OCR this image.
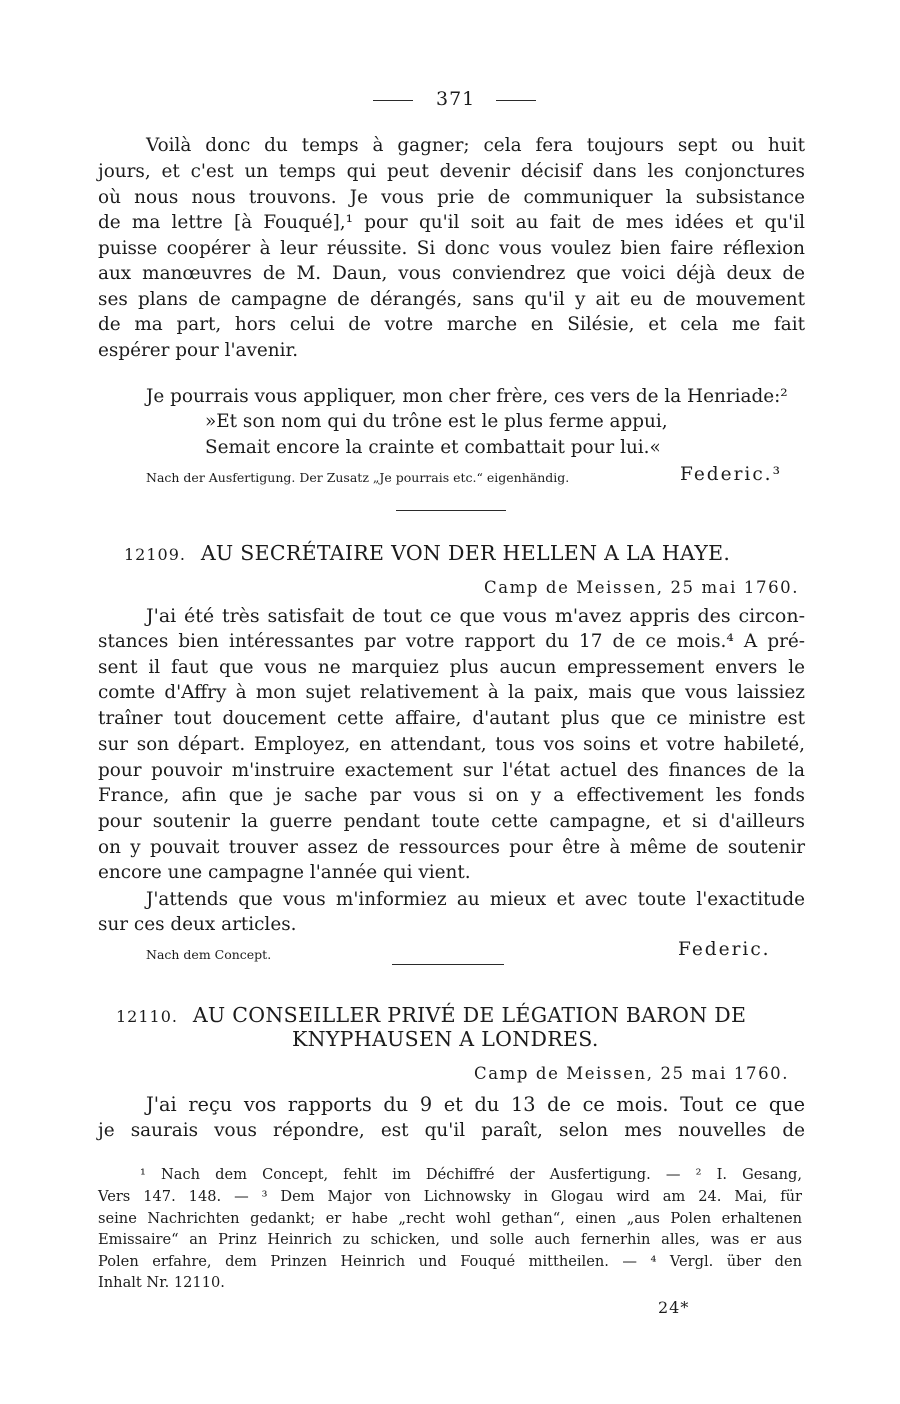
371
Voilà donc du temps à gagner; cela fera toujours sept ou huit
jours, et c'est un temps qui peut devenir décisif dans les conjonctures
où nous nous trouvons. Je vous prie de communiquer la subsistance
de ma lettre [à Fouqué],¹ pour qu'il soit au fait de mes idées et qu'il
puisse coopérer à leur réussite. Si donc vous voulez bien faire réflexion
aux manœuvres de M. Daun, vous conviendrez que voici déjà deux de
ses plans de campagne de dérangés, sans qu'il y ait eu de mouvement
de ma part, hors celui de votre marche en Silésie, et cela me fait
espérer pour l'avenir.
Je pourrais vous appliquer, mon cher frère, ces vers de la Henriade:²
»Et son nom qui du trône est le plus ferme appui,
Semait encore la crainte et combattait pour lui.«
Nach der Ausfertigung. Der Zusatz „Je pourrais etc.“ eigenhändig.	Federic.³
12109. AU SECRÉTAIRE VON DER HELLEN A LA HAYE.
Camp de Meissen, 25 mai 1760.
J'ai été très satisfait de tout ce que vous m'avez appris des circon-
stances bien intéressantes par votre rapport du 17 de ce mois.⁴ A pré-
sent il faut que vous ne marquiez plus aucun empressement envers le
comte d'Affry à mon sujet relativement à la paix, mais que vous laissiez
traîner tout doucement cette affaire, d'autant plus que ce ministre est
sur son départ. Employez, en attendant, tous vos soins et votre habileté,
pour pouvoir m'instruire exactement sur l'état actuel des finances de la
France, afin que je sache par vous si on y a effectivement les fonds
pour soutenir la guerre pendant toute cette campagne, et si d'ailleurs
on y pouvait trouver assez de ressources pour être à même de soutenir
encore une campagne l'année qui vient.
J'attends que vous m'informiez au mieux et avec toute l'exactitude
sur ces deux articles.
Nach dem Concept.	Federic.
12110. AU CONSEILLER PRIVÉ DE LÉGATION BARON DE
KNYPHAUSEN A LONDRES.
Camp de Meissen, 25 mai 1760.
J'ai reçu vos rapports du 9 et du 13 de ce mois. Tout ce que
je saurais vous répondre, est qu'il paraît, selon mes nouvelles de
¹ Nach dem Concept, fehlt im Déchiffré der Ausfertigung. — ² I. Gesang,
Vers 147. 148. — ³ Dem Major von Lichnowsky in Glogau wird am 24. Mai, für
seine Nachrichten gedankt; er habe „recht wohl gethan“, einen „aus Polen erhaltenen
Emissaire“ an Prinz Heinrich zu schicken, und solle auch fernerhin alles, was er aus
Polen erfahre, dem Prinzen Heinrich und Fouqué mittheilen. — ⁴ Vergl. über den
Inhalt Nr. 12110.
24*
